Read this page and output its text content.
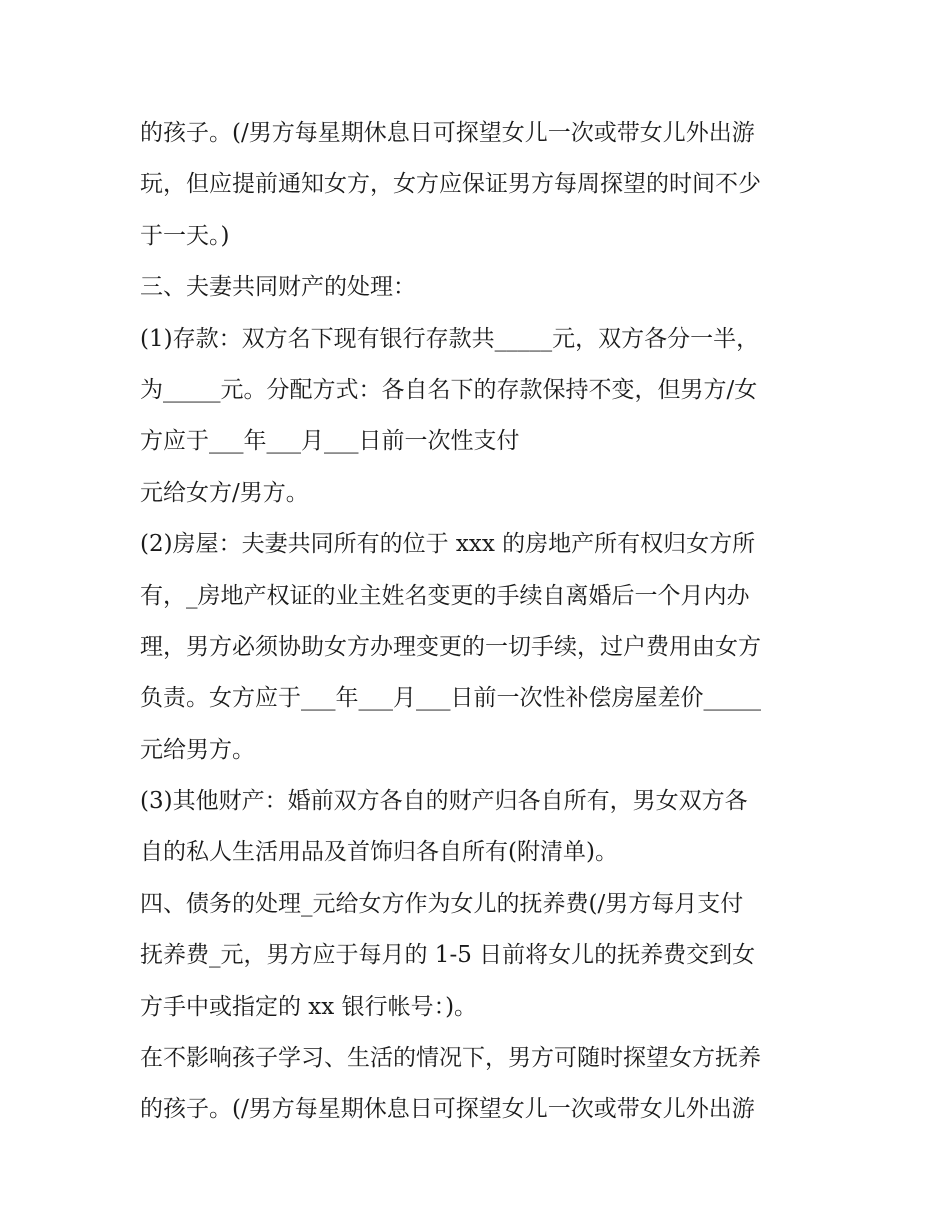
的孩子。(/男方每星期休息日可探望女儿一次或带女儿外出游
玩，但应提前通知女方，女方应保证男方每周探望的时间不少
于一天。)
三、夫妻共同财产的处理：
(1)存款：双方名下现有银行存款共_____元，双方各分一半，
为_____元。分配方式：各自名下的存款保持不变，但男方/女
方应于___年___月___日前一次性支付
元给女方/男方。
(2)房屋：夫妻共同所有的位于 xxx 的房地产所有权归女方所
有，_房地产权证的业主姓名变更的手续自离婚后一个月内办
理，男方必须协助女方办理变更的一切手续，过户费用由女方
负责。女方应于___年___月___日前一次性补偿房屋差价_____
元给男方。
(3)其他财产：婚前双方各自的财产归各自所有，男女双方各
自的私人生活用品及首饰归各自所有(附清单)。
四、债务的处理_元给女方作为女儿的抚养费(/男方每月支付
抚养费_元，男方应于每月的 1-5 日前将女儿的抚养费交到女
方手中或指定的 xx 银行帐号：)。
在不影响孩子学习、生活的情况下，男方可随时探望女方抚养
的孩子。(/男方每星期休息日可探望女儿一次或带女儿外出游
